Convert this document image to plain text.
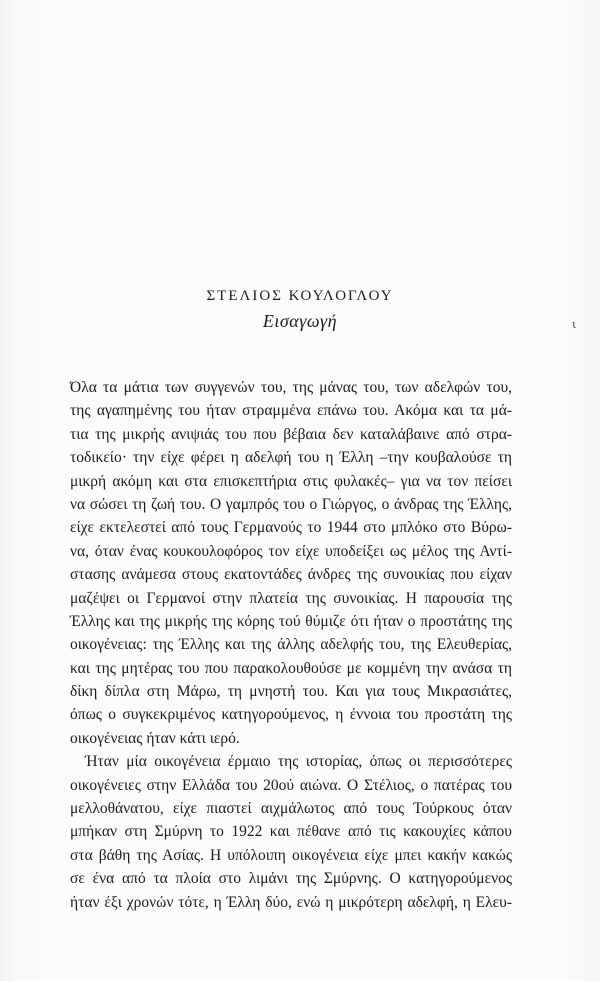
ΣΤΕΛΙΟΣ ΚΟΥΛΟΓΛΟΥ
Εισαγωγή	ι
Όλα τα μάτια των συγγενών του, της μάνας του, των αδελφών του,
της αγαπημένης του ήταν στραμμένα επάνω του. Ακόμα και τα μά-
τια της μικρής ανιψιάς του που βέβαια δεν καταλάβαινε από στρα-
τοδικείο· την είχε φέρει η αδελφή του η Έλλη –την κουβαλούσε τη
μικρή ακόμη και στα επισκεπτήρια στις φυλακές– για να τον πείσει
να σώσει τη ζωή του. Ο γαμπρός του ο Γιώργος, ο άνδρας της Έλλης,
είχε εκτελεστεί από τους Γερμανούς το 1944 στο μπλόκο στο Βύρω-
να, όταν ένας κουκουλοφόρος τον είχε υποδείξει ως μέλος της Αντί-
στασης ανάμεσα στους εκατοντάδες άνδρες της συνοικίας που είχαν
μαζέψει οι Γερμανοί στην πλατεία της συνοικίας. Η παρουσία της
Έλλης και της μικρής της κόρης τού θύμιζε ότι ήταν ο προστάτης της
οικογένειας: της Έλλης και της άλλης αδελφής του, της Ελευθερίας,
και της μητέρας του που παρακολουθούσε με κομμένη την ανάσα τη
δίκη δίπλα στη Μάρω, τη μνηστή του. Και για τους Μικρασιάτες,
όπως ο συγκεκριμένος κατηγορούμενος, η έννοια του προστάτη της
οικογένειας ήταν κάτι ιερό.
Ήταν μία οικογένεια έρμαιο της ιστορίας, όπως οι περισσότερες
οικογένειες στην Ελλάδα του 20ού αιώνα. Ο Στέλιος, ο πατέρας του
μελλοθάνατου, είχε πιαστεί αιχμάλωτος από τους Τούρκους όταν
μπήκαν στη Σμύρνη το 1922 και πέθανε από τις κακουχίες κάπου
στα βάθη της Ασίας. Η υπόλοιπη οικογένεια είχε μπει κακήν κακώς
σε ένα από τα πλοία στο λιμάνι της Σμύρνης. Ο κατηγορούμενος
ήταν έξι χρονών τότε, η Έλλη δύο, ενώ η μικρότερη αδελφή, η Ελευ-
